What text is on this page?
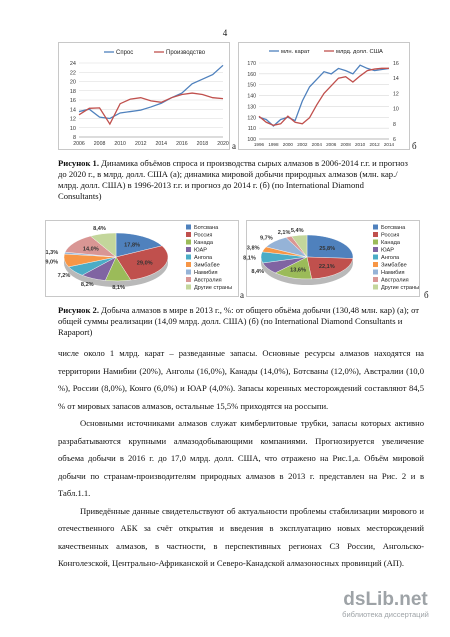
4
8
10
12
14
16
18
20
22
24
2006 2008 2010 2012 2014 2016 2018 2020
Спрос	Производство
а
100
110
120
130
140
150
160
170
6
8
10
12
14
16
1996 1998 2000 2002 2004 2006 2008 2010 2012 2014
млн. карат	млрд. долл. США
б
Рисунок 1. Динамика объёмов спроса и производства сырых алмазов в 2006-2014 г.г. и прогноз до 2020 г., в млрд. долл. США (а); динамика мировой добычи природных алмазов (млн. кар./млрд. долл. США) в 1996-2013 г.г. и прогноз до 2014 г. (б) (по International Diamond Consultants)
17,8%
29,0%
8,1%
8,2%
7,2%
9,0%
1,3%
14,0%
8,4%	Ботсвана
Россия
Канада
ЮАР
Ангола
Зимбабве
Намибия
Австралия
Другие страны
а
25,8%
22,1%
13,6%
8,4%
8,1%
3,8%
9,7%
2,1% 5,4%	Ботсвана
Россия
Канада
ЮАР
Ангола
Зимбабве
Намибия
Австралия
Другие страны
б
Рисунок 2. Добыча алмазов в мире в 2013 г., %: от общего объёма добычи (130,48 млн. кар) (а); от общей суммы реализации (14,09 млрд. долл. США) (б) (по International Diamond Consultants и Rapaport)

числе около 1 млрд. карат – разведанные запасы. Основные ресурсы алмазов находятся на территории Намибии (20%), Анголы (16,0%), Канады (14,0%), Ботсваны (12,0%), Австралии (10,0 %), России (8,0%), Конго (6,0%) и ЮАР (4,0%). Запасы коренных месторождений составляют 84,5 % от мировых запасов алмазов, остальные 15,5% приходятся на россыпи.

Основными источниками алмазов служат кимберлитовые трубки, запасы которых активно разрабатываются крупными алмазодобывающими компаниями. Прогнозируется увеличение объема добычи в 2016 г. до 17,0 млрд. долл. США, что отражено на Рис.1,а. Объём мировой добычи по странам-производителям природных алмазов в 2013 г. представлен на Рис. 2 и в Табл.1.1.

Приведённые данные свидетельствуют об актуальности проблемы стабилизации мирового и отечественного АБК за счёт открытия и введения в эксплуатацию новых месторождений качественных алмазов, в частности, в перспективных регионах СЗ России, Ангольско-Конголезской, Центрально-Африканской и Северо-Канадской алмазоносных провинций (АП).

dsLib.net
библиотека диссертаций
